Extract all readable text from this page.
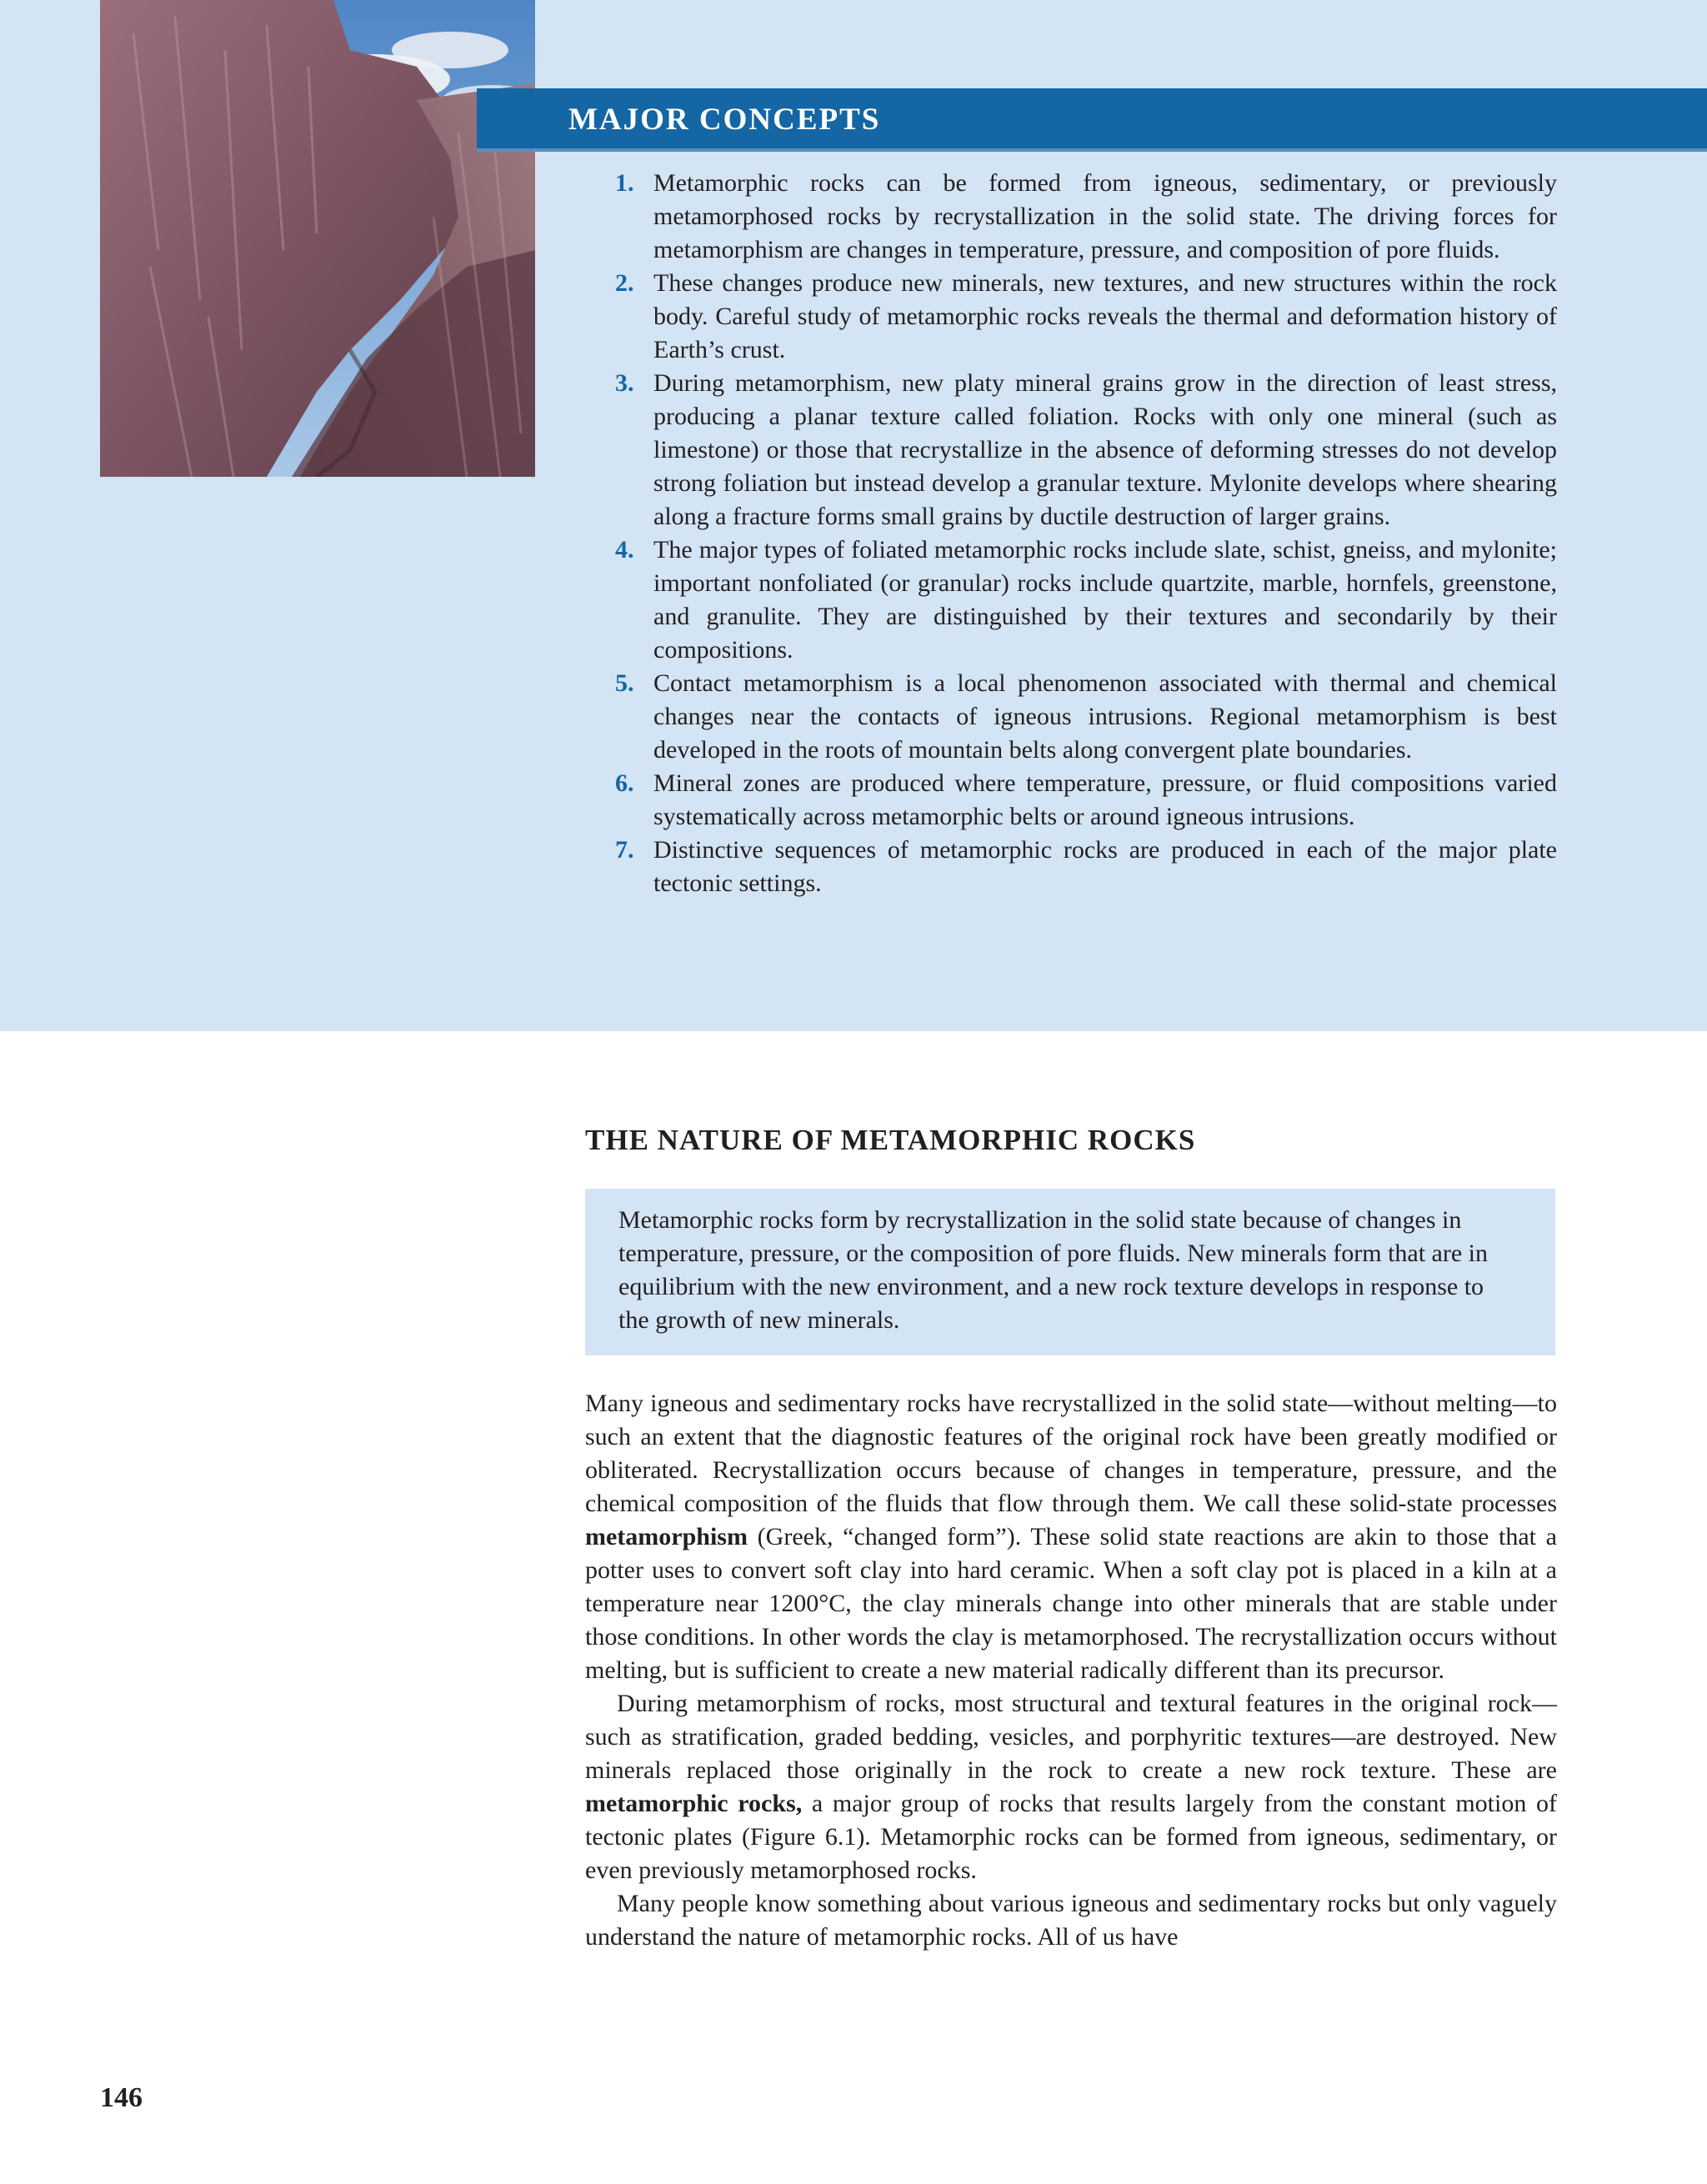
MAJOR CONCEPTS
1. Metamorphic rocks can be formed from igneous, sedimentary, or previously metamorphosed rocks by recrystallization in the solid state. The driving forces for metamorphism are changes in temperature, pressure, and composition of pore fluids.
2. These changes produce new minerals, new textures, and new structures within the rock body. Careful study of metamorphic rocks reveals the thermal and deformation history of Earth’s crust.
3. During metamorphism, new platy mineral grains grow in the direction of least stress, producing a planar texture called foliation. Rocks with only one mineral (such as limestone) or those that recrystallize in the absence of deforming stresses do not develop strong foliation but instead develop a granular texture. Mylonite develops where shearing along a fracture forms small grains by ductile destruction of larger grains.
4. The major types of foliated metamorphic rocks include slate, schist, gneiss, and mylonite; important nonfoliated (or granular) rocks include quartzite, marble, hornfels, greenstone, and granulite. They are distinguished by their textures and secondarily by their compositions.
5. Contact metamorphism is a local phenomenon associated with thermal and chemical changes near the contacts of igneous intrusions. Regional metamorphism is best developed in the roots of mountain belts along convergent plate boundaries.
6. Mineral zones are produced where temperature, pressure, or fluid compositions varied systematically across metamorphic belts or around igneous intrusions.
7. Distinctive sequences of metamorphic rocks are produced in each of the major plate tectonic settings.
THE NATURE OF METAMORPHIC ROCKS

Metamorphic rocks form by recrystallization in the solid state because of changes in temperature, pressure, or the composition of pore fluids. New minerals form that are in equilibrium with the new environment, and a new rock texture develops in response to the growth of new minerals.

Many igneous and sedimentary rocks have recrystallized in the solid state—without melting—to such an extent that the diagnostic features of the original rock have been greatly modified or obliterated. Recrystallization occurs because of changes in temperature, pressure, and the chemical composition of the fluids that flow through them. We call these solid-state processes metamorphism (Greek, “changed form”). These solid state reactions are akin to those that a potter uses to convert soft clay into hard ceramic. When a soft clay pot is placed in a kiln at a temperature near 1200°C, the clay minerals change into other minerals that are stable under those conditions. In other words the clay is metamorphosed. The recrystallization occurs without melting, but is sufficient to create a new material radically different than its precursor.

During metamorphism of rocks, most structural and textural features in the original rock—such as stratification, graded bedding, vesicles, and porphyritic textures—are destroyed. New minerals replaced those originally in the rock to create a new rock texture. These are metamorphic rocks, a major group of rocks that results largely from the constant motion of tectonic plates (Figure 6.1). Metamorphic rocks can be formed from igneous, sedimentary, or even previously metamorphosed rocks.

Many people know something about various igneous and sedimentary rocks but only vaguely understand the nature of metamorphic rocks. All of us have

146
